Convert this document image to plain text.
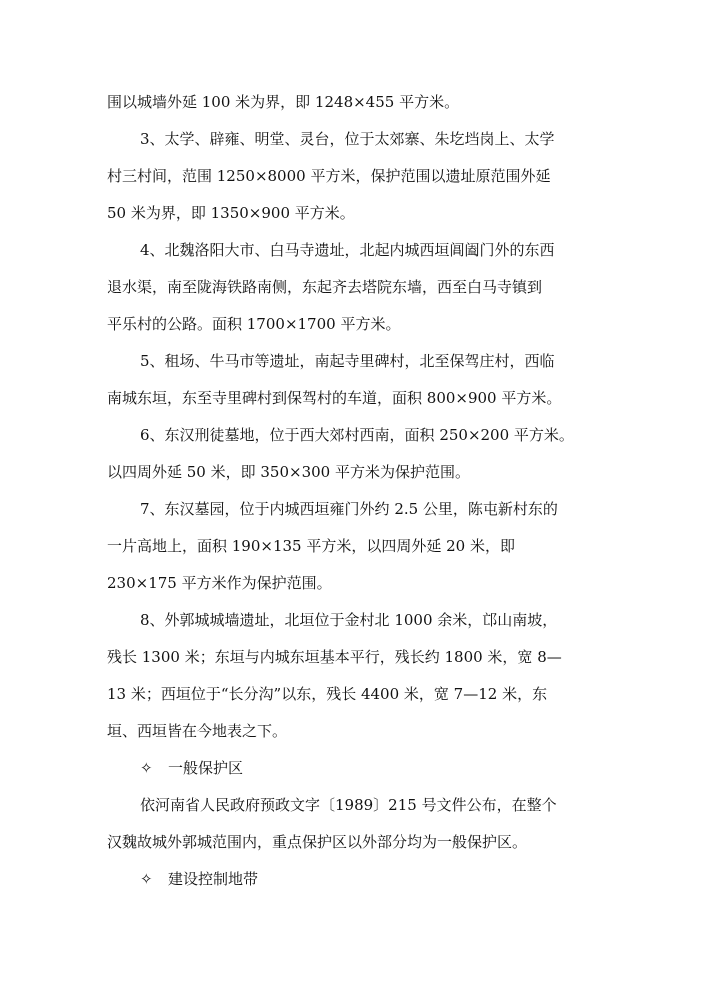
围以城墙外延 100 米为界，即 1248×455 平方米。
3、太学、辟雍、明堂、灵台，位于太郊寨、朱圪垱岗上、太学
村三村间，范围 1250×8000 平方米，保护范围以遗址原范围外延
50 米为界，即 1350×900 平方米。
4、北魏洛阳大市、白马寺遗址，北起内城西垣阊阖门外的东西
退水渠，南至陇海铁路南侧，东起齐去塔院东墙，西至白马寺镇到
平乐村的公路。面积 1700×1700 平方米。
5、租场、牛马市等遗址，南起寺里碑村，北至保驾庄村，西临
南城东垣，东至寺里碑村到保驾村的车道，面积 800×900 平方米。
6、东汉刑徒墓地，位于西大郊村西南，面积 250×200 平方米。
以四周外延 50 米，即 350×300 平方米为保护范围。
7、东汉墓园，位于内城西垣雍门外约 2.5 公里，陈屯新村东的
一片高地上，面积 190×135 平方米，以四周外延 20 米，即
230×175 平方米作为保护范围。
8、外郭城城墙遗址，北垣位于金村北 1000 余米，邙山南坡，
残长 1300 米；东垣与内城东垣基本平行，残长约 1800 米，宽 8—
13 米；西垣位于“长分沟”以东，残长 4400 米，宽 7—12 米，东
垣、西垣皆在今地表之下。
✧ 一般保护区
依河南省人民政府预政文字〔1989〕215 号文件公布，在整个
汉魏故城外郭城范围内，重点保护区以外部分均为一般保护区。
✧ 建设控制地带
